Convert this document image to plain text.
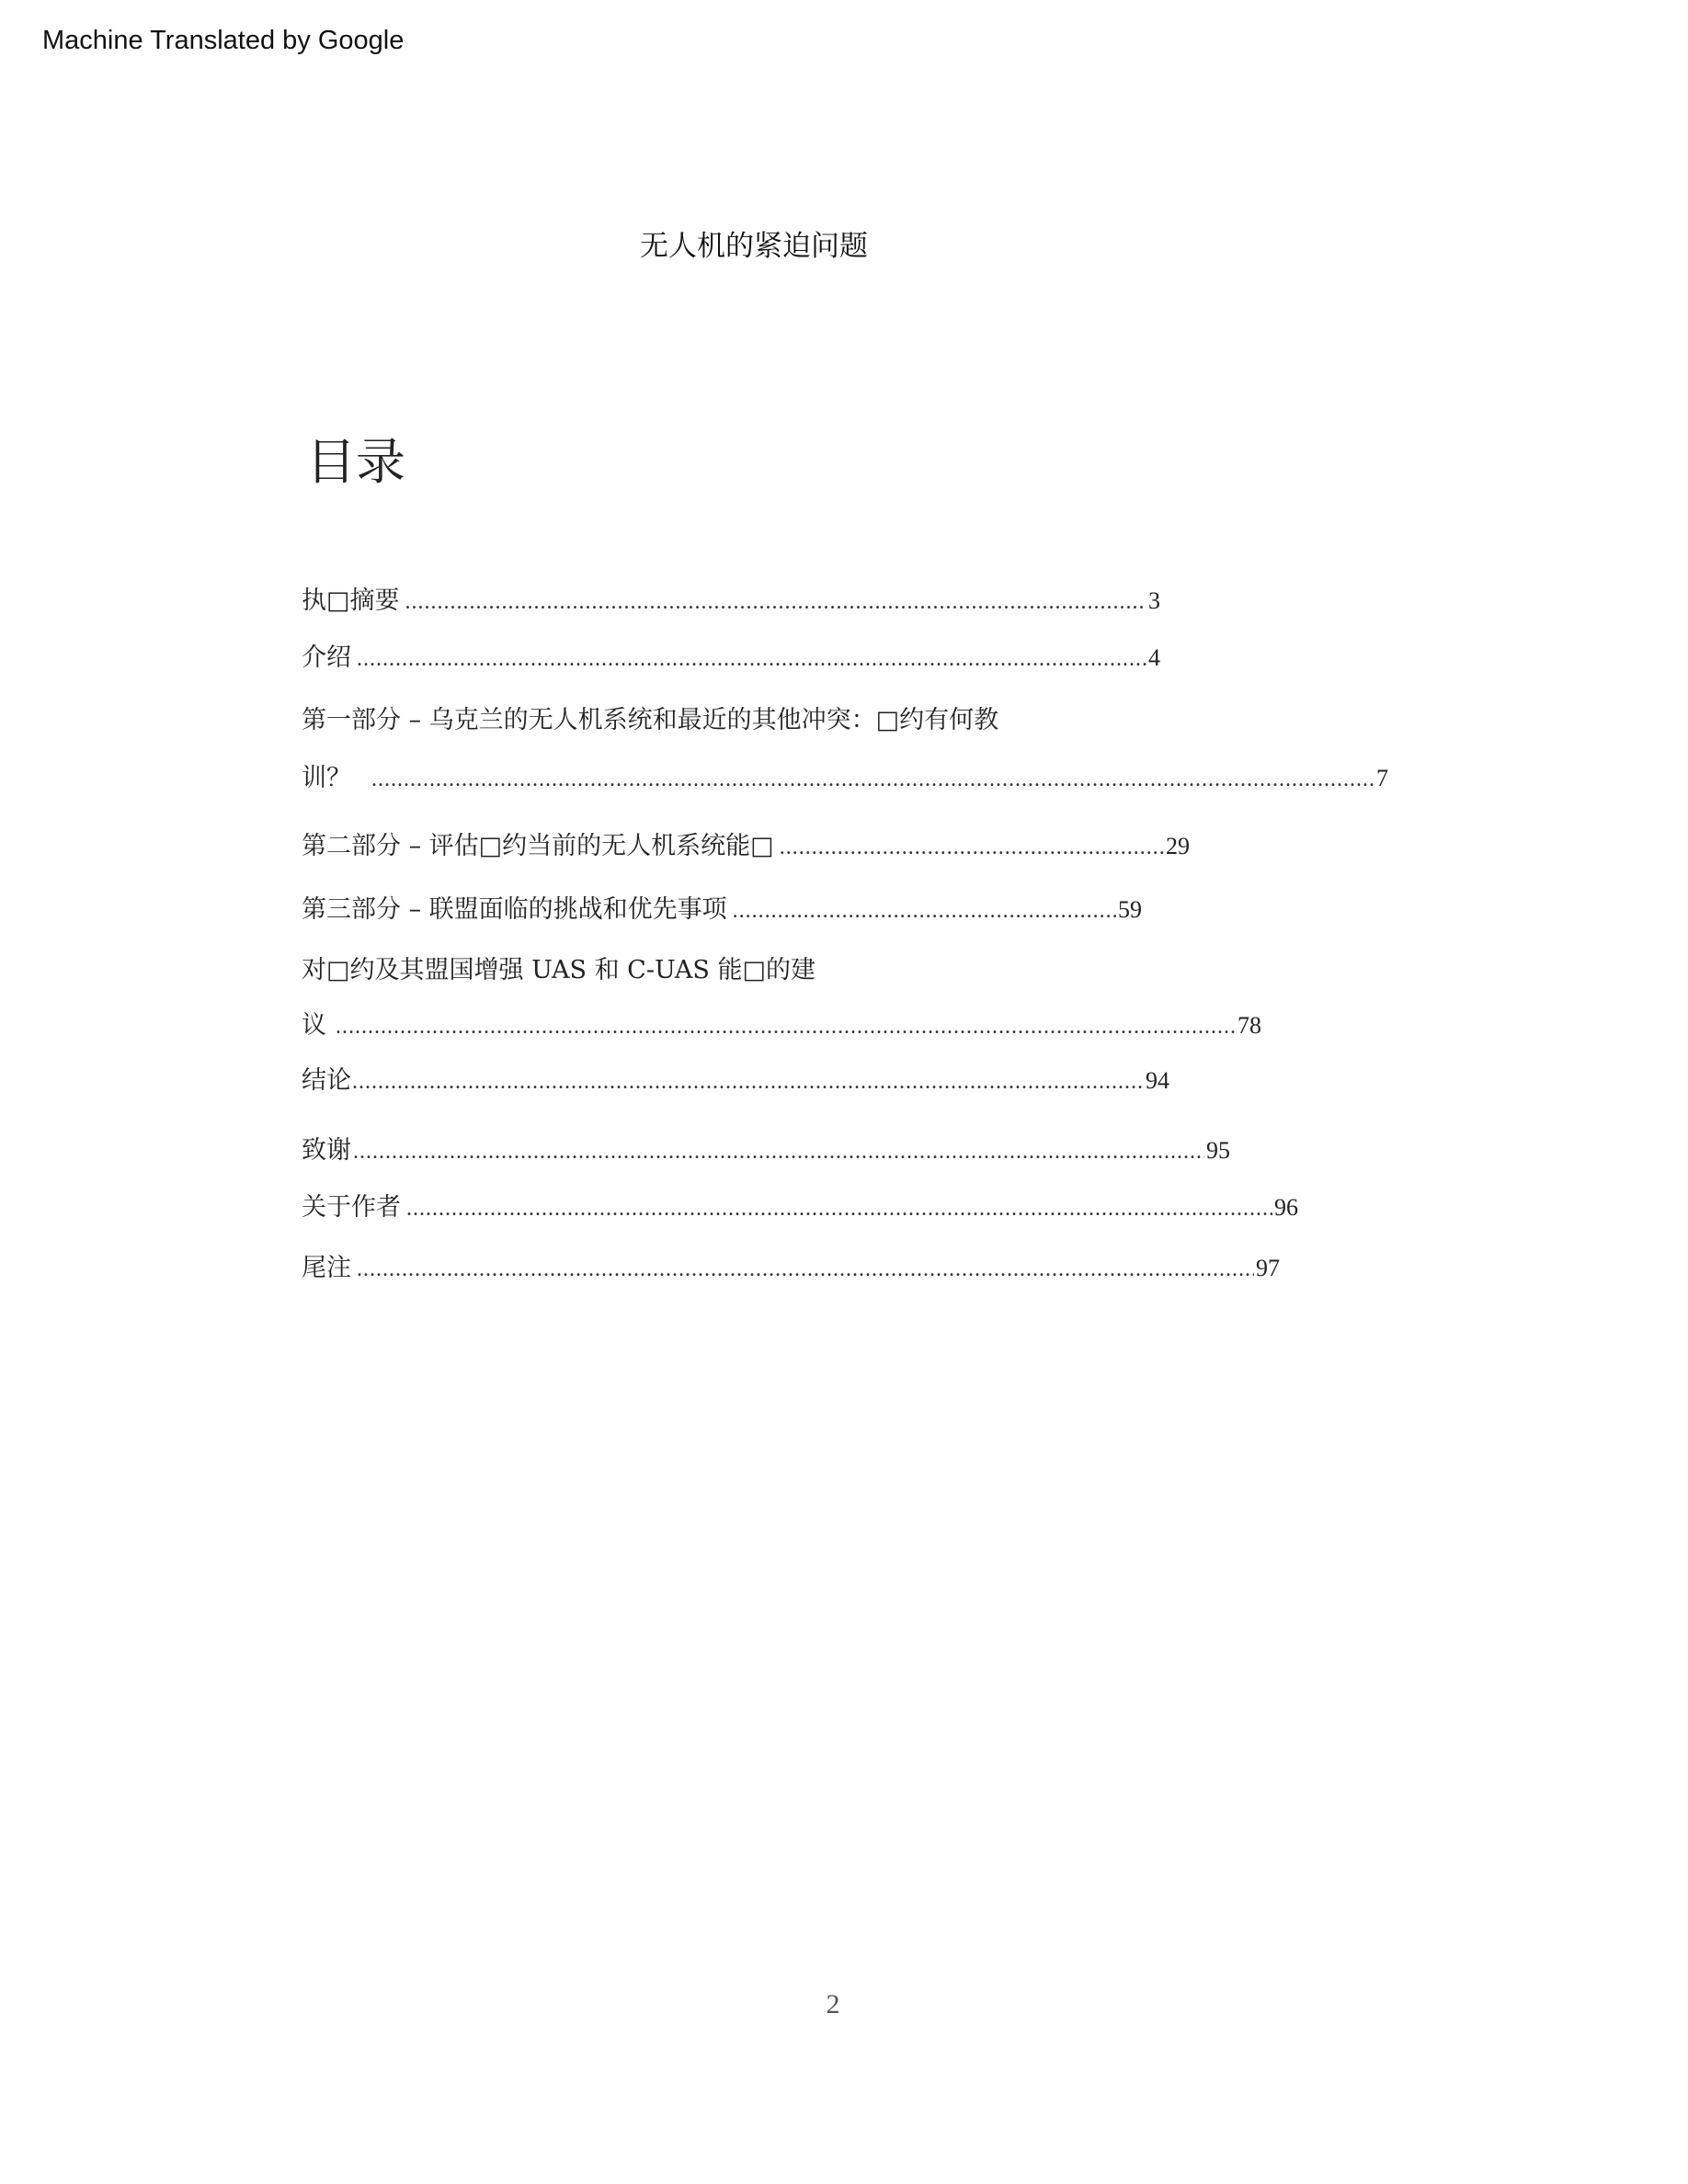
Machine Translated by Google
无人机的紧迫问题
目录
执□摘要 .....	3
介绍 .....	4
第一部分 – 乌克兰的无人机系统和最近的其他冲突：□约有何教
训？ .....	7
第二部分 – 评估□约当前的无人机系统能□ .....	29
第三部分 – 联盟面临的挑战和优先事项 .....	59
对□约及其盟国增强 UAS 和 C-UAS 能□的建
议 .....	78
结论 .....	94
致谢 .....	95
关于作者 .....	96
尾注 .....	97
2
